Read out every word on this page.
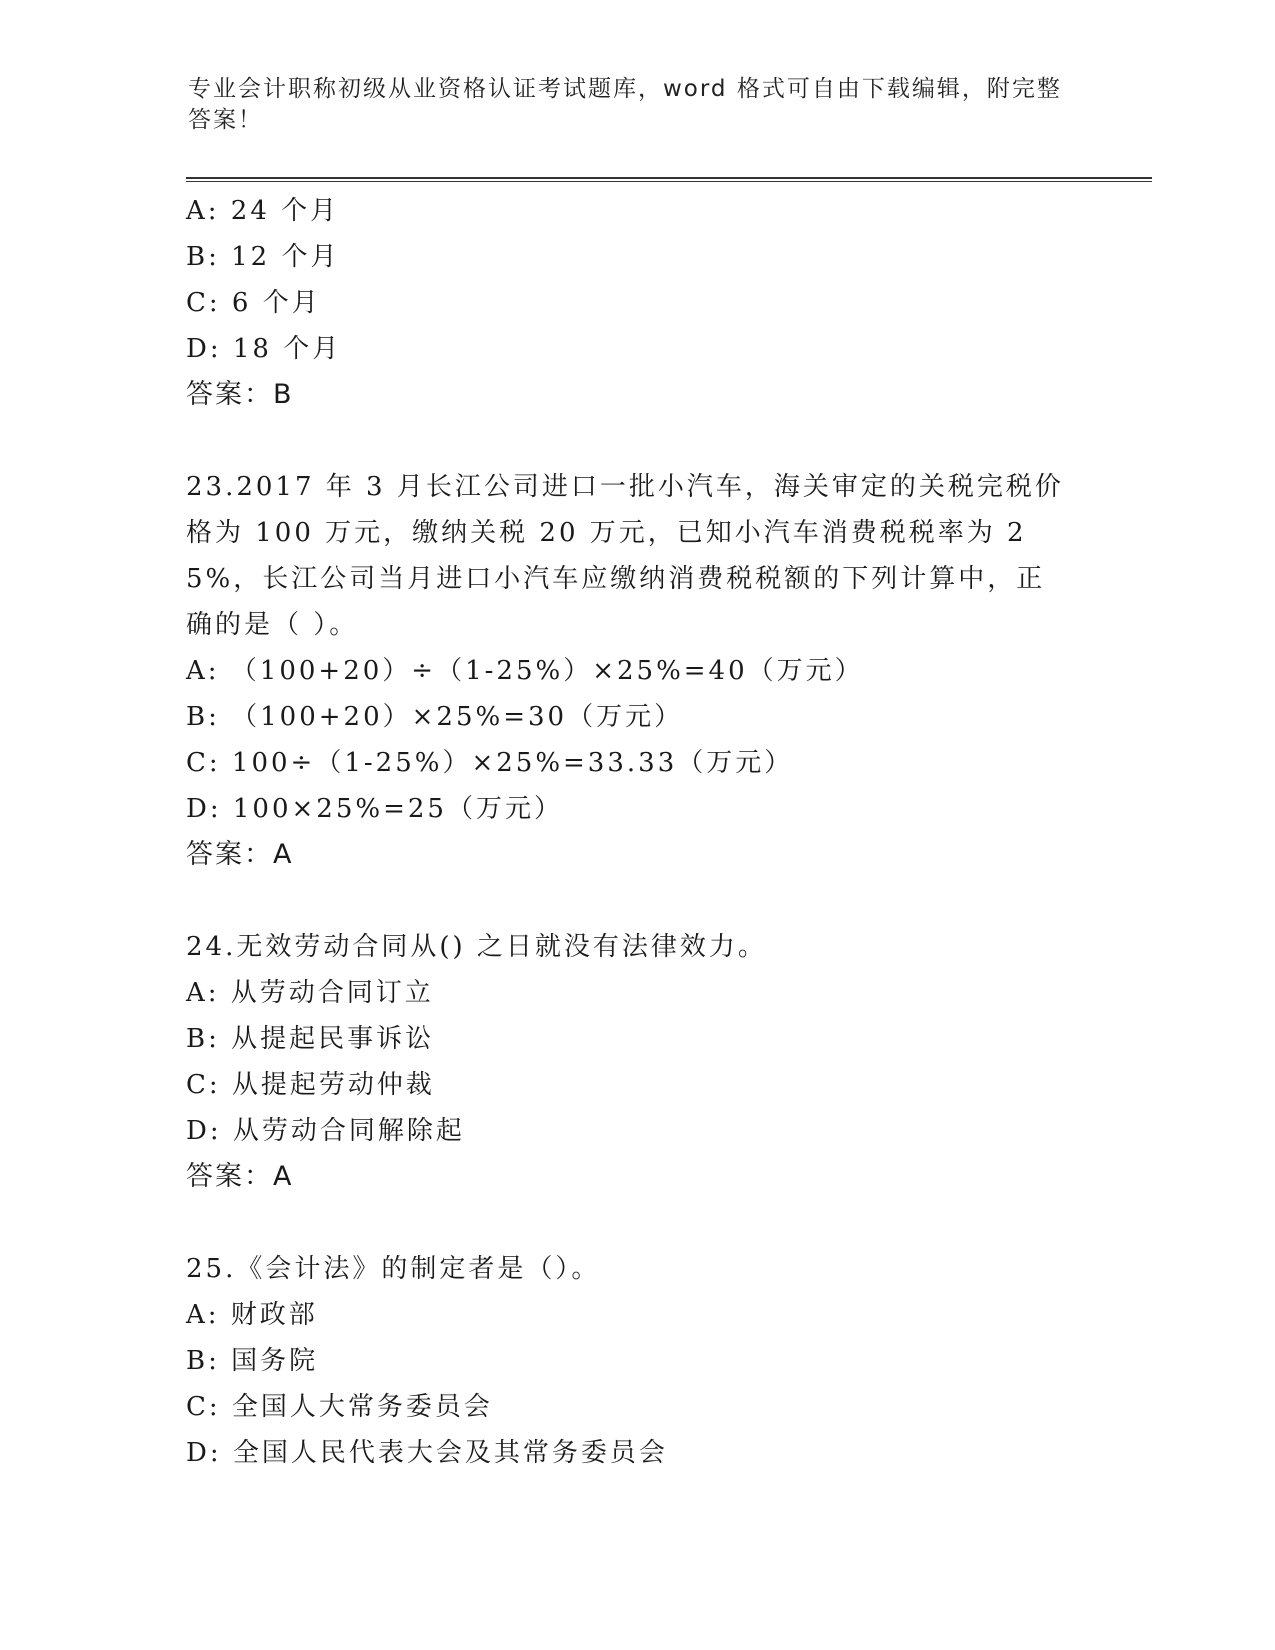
专业会计职称初级从业资格认证考试题库，word 格式可自由下载编辑，附完整答案！
A: 24 个月
B: 12 个月
C: 6 个月
D: 18 个月
答案：B
23.2017 年 3 月长江公司进口一批小汽车，海关审定的关税完税价格为 100 万元，缴纳关税 20 万元，已知小汽车消费税税率为 25%，长江公司当月进口小汽车应缴纳消费税税额的下列计算中，正确的是（ ）。
A: （100+20）÷（1-25%）×25%=40（万元）
B: （100+20）×25%=30（万元）
C: 100÷（1-25%）×25%=33.33（万元）
D: 100×25%=25（万元）
答案：A
24.无效劳动合同从() 之日就没有法律效力。
A: 从劳动合同订立
B: 从提起民事诉讼
C: 从提起劳动仲裁
D: 从劳动合同解除起
答案：A
25.《会计法》的制定者是（）。
A: 财政部
B: 国务院
C: 全国人大常务委员会
D: 全国人民代表大会及其常务委员会
